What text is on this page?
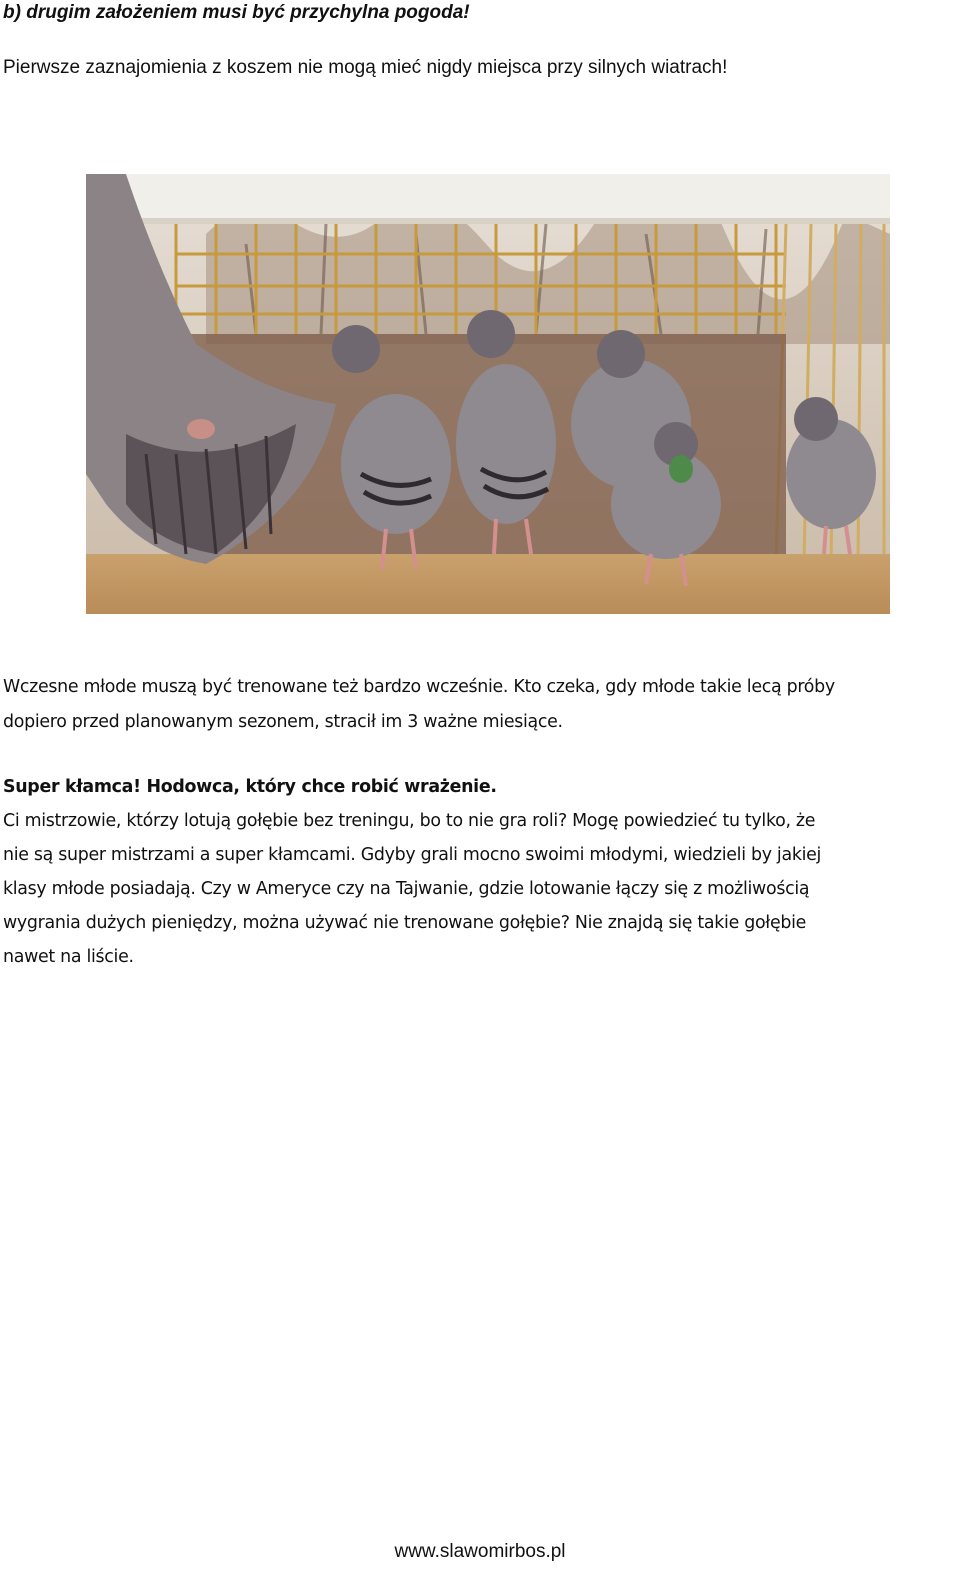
b) drugim założeniem musi być przychylna pogoda!

Pierwsze zaznajomienia z koszem nie mogą mieć nigdy miejsca przy silnych wiatrach!

Wczesne młode muszą być trenowane też bardzo wcześnie. Kto czeka, gdy młode takie lecą próby

dopiero przed planowanym sezonem, stracił im 3 ważne miesiące.

Super kłamca! Hodowca, który chce robić wrażenie.

Ci mistrzowie, którzy lotują gołębie bez treningu, bo to nie gra roli? Mogę powiedzieć tu tylko, że

nie są super mistrzami a super kłamcami. Gdyby grali mocno swoimi młodymi, wiedzieli by jakiej

klasy młode posiadają. Czy w Ameryce czy na Tajwanie, gdzie lotowanie łączy się z możliwością

wygrania dużych pieniędzy, można używać nie trenowane gołębie? Nie znajdą się takie gołębie

nawet na liście.

www.slawomirbos.pl
